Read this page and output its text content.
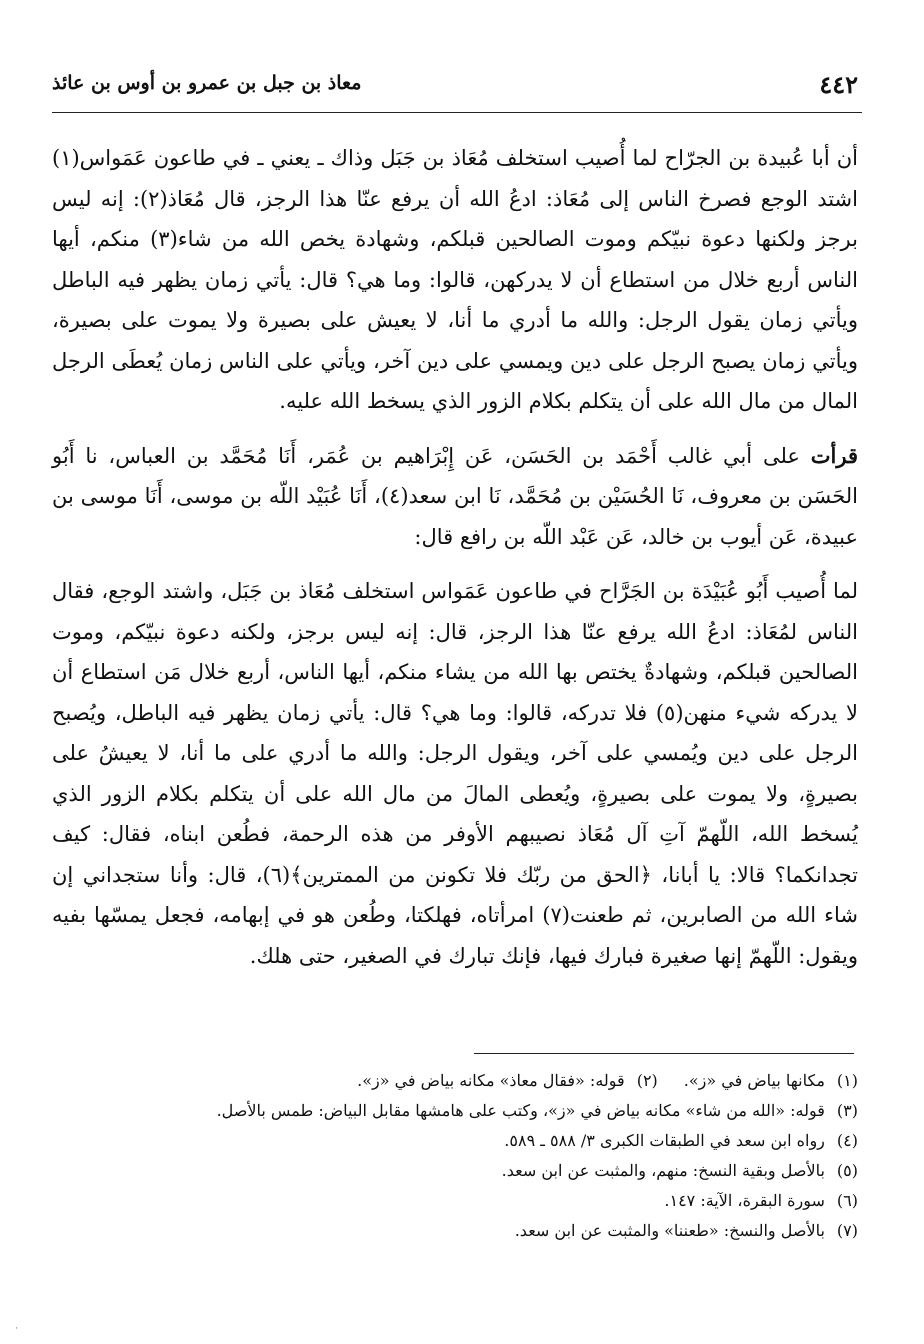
٤٤٢
معاذ بن جبل بن عمرو بن أوس بن عائذ

أن أبا عُبيدة بن الجرّاح لما أُصيب استخلف مُعَاذ بن جَبَل وذاك ـ يعني ـ في طاعون عَمَواس(١) اشتد الوجع فصرخ الناس إلى مُعَاذ: ادعُ الله أن يرفع عنّا هذا الرجز، قال مُعَاذ(٢): إنه ليس برجز ولكنها دعوة نبيّكم وموت الصالحين قبلكم، وشهادة يخص الله من شاء(٣) منكم، أيها الناس أربع خلال من استطاع أن لا يدركهن، قالوا: وما هي؟ قال: يأتي زمان يظهر فيه الباطل ويأتي زمان يقول الرجل: والله ما أدري ما أنا، لا يعيش على بصيرة ولا يموت على بصيرة، ويأتي زمان يصبح الرجل على دين ويمسي على دين آخر، ويأتي على الناس زمان يُعطَى الرجل المال من مال الله على أن يتكلم بكلام الزور الذي يسخط الله عليه.

قرأت على أبي غالب أَحْمَد بن الحَسَن، عَن إِبْرَاهيم بن عُمَر، أَنَا مُحَمَّد بن العباس، نا أَبُو الحَسَن بن معروف، نَا الحُسَيْن بن مُحَمَّد، نَا ابن سعد(٤)، أَنَا عُبَيْد اللّه بن موسى، أَنَا موسى بن عبيدة، عَن أيوب بن خالد، عَن عَبْد اللّه بن رافع قال:

لما أُصيب أَبُو عُبَيْدَة بن الجَرَّاح في طاعون عَمَواس استخلف مُعَاذ بن جَبَل، واشتد الوجع، فقال الناس لمُعَاذ: ادعُ الله يرفع عنّا هذا الرجز، قال: إنه ليس برجز، ولكنه دعوة نبيّكم، وموت الصالحين قبلكم، وشهادةٌ يختص بها الله من يشاء منكم، أيها الناس، أربع خلال مَن استطاع أن لا يدركه شيء منهن(٥) فلا تدركه، قالوا: وما هي؟ قال: يأتي زمان يظهر فيه الباطل، ويُصبح الرجل على دين ويُمسي على آخر، ويقول الرجل: والله ما أدري على ما أنا، لا يعيشُ على بصيرةٍ، ولا يموت على بصيرةٍ، ويُعطى المالَ من مال الله على أن يتكلم بكلام الزور الذي يُسخط الله، اللّهمّ آتِ آل مُعَاذ نصيبهم الأوفر من هذه الرحمة، فطُعن ابناه، فقال: كيف تجدانكما؟ قالا: يا أبانا، ﴿الحق من ربّك فلا تكونن من الممترين﴾(٦)، قال: وأنا ستجداني إن شاء الله من الصابرين، ثم طعنت(٧) امرأتاه، فهلكتا، وطُعن هو في إبهامه، فجعل يمسّها بفيه ويقول: اللّهمّ إنها صغيرة فبارك فيها، فإنك تبارك في الصغير، حتى هلك.

(١) مكانها بياض في «ز».
(٢) قوله: «فقال معاذ» مكانه بياض في «ز».
(٣) قوله: «الله من شاء» مكانه بياض في «ز»، وكتب على هامشها مقابل البياض: طمس بالأصل.
(٤) رواه ابن سعد في الطبقات الكبرى ٣/ ٥٨٨ ـ ٥٨٩.
(٥) بالأصل وبقية النسخ: منهم، والمثبت عن ابن سعد.
(٦) سورة البقرة، الآية: ١٤٧.
(٧) بالأصل والنسخ: «طعننا» والمثبت عن ابن سعد.
˙
